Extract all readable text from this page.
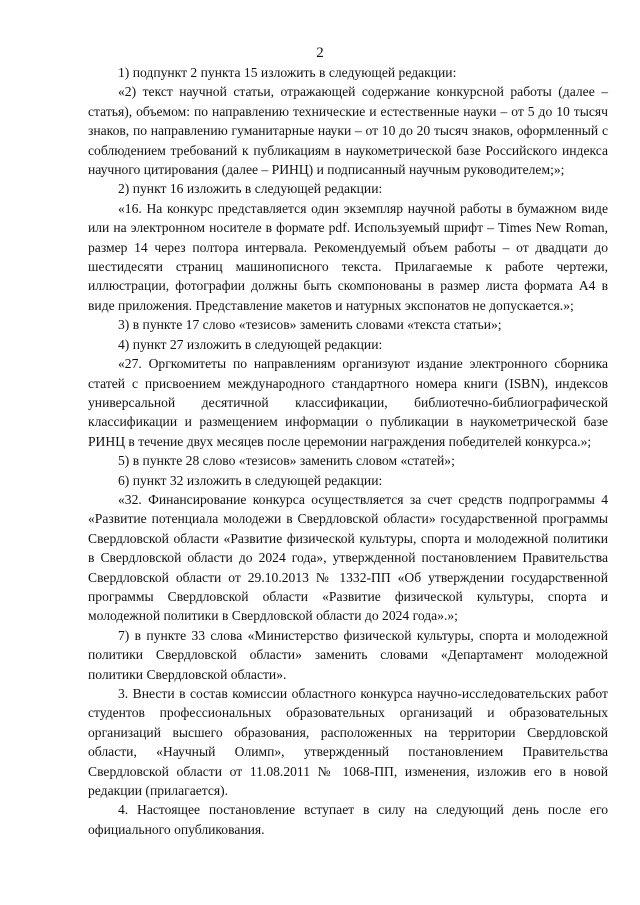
2

1) подпункт 2 пункта 15 изложить в следующей редакции:

«2) текст научной статьи, отражающей содержание конкурсной работы (далее – статья), объемом: по направлению технические и естественные науки – от 5 до 10 тысяч знаков, по направлению гуманитарные науки – от 10 до 20 тысяч знаков, оформленный с соблюдением требований к публикациям в наукометрической базе Российского индекса научного цитирования (далее – РИНЦ) и подписанный научным руководителем;»;

2) пункт 16 изложить в следующей редакции:

«16. На конкурс представляется один экземпляр научной работы в бумажном виде или на электронном носителе в формате pdf. Используемый шрифт – Times New Roman, размер 14 через полтора интервала. Рекомендуемый объем работы – от двадцати до шестидесяти страниц машинописного текста. Прилагаемые к работе чертежи, иллюстрации, фотографии должны быть скомпонованы в размер листа формата А4 в виде приложения. Представление макетов и натурных экспонатов не допускается.»;

3) в пункте 17 слово «тезисов» заменить словами «текста статьи»;

4) пункт 27 изложить в следующей редакции:

«27. Оргкомитеты по направлениям организуют издание электронного сборника статей с присвоением международного стандартного номера книги (ISBN), индексов универсальной десятичной классификации, библиотечно-библиографической классификации и размещением информации о публикации в наукометрической базе РИНЦ в течение двух месяцев после церемонии награждения победителей конкурса.»;

5) в пункте 28 слово «тезисов» заменить словом «статей»;

6) пункт 32 изложить в следующей редакции:

«32. Финансирование конкурса осуществляется за счет средств подпрограммы 4 «Развитие потенциала молодежи в Свердловской области» государственной программы Свердловской области «Развитие физической культуры, спорта и молодежной политики в Свердловской области до 2024 года», утвержденной постановлением Правительства Свердловской области от 29.10.2013 № 1332-ПП «Об утверждении государственной программы Свердловской области «Развитие физической культуры, спорта и молодежной политики в Свердловской области до 2024 года».»;

7) в пункте 33 слова «Министерство физической культуры, спорта и молодежной политики Свердловской области» заменить словами «Департамент молодежной политики Свердловской области».

3. Внести в состав комиссии областного конкурса научно-исследовательских работ студентов профессиональных образовательных организаций и образовательных организаций высшего образования, расположенных на территории Свердловской области, «Научный Олимп», утвержденный постановлением Правительства Свердловской области от 11.08.2011 № 1068-ПП, изменения, изложив его в новой редакции (прилагается).

4. Настоящее постановление вступает в силу на следующий день после его официального опубликования.
